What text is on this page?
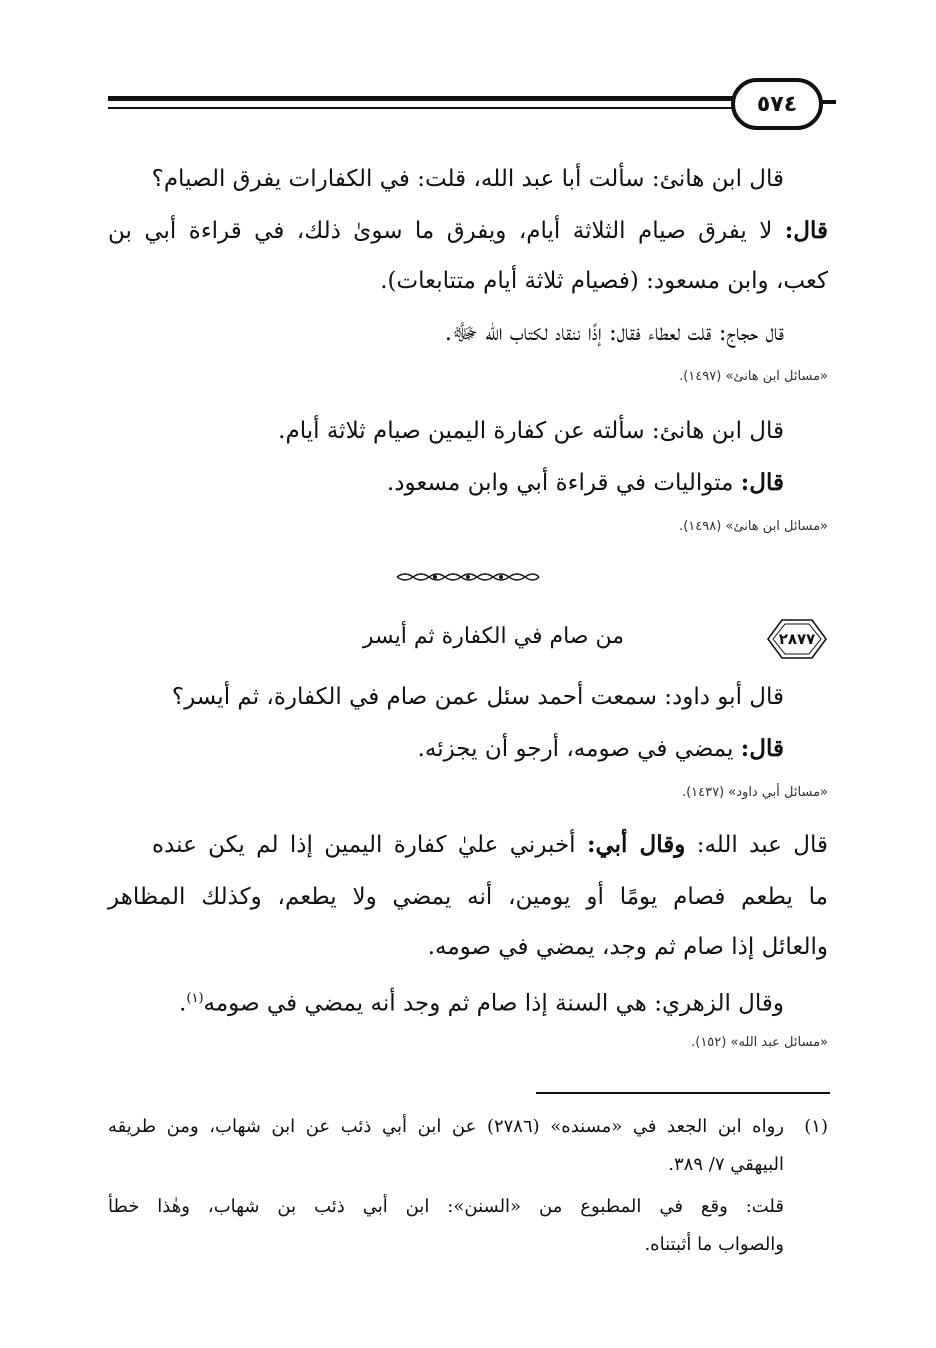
٥٧٤
قال ابن هانئ: سألت أبا عبد الله، قلت: في الكفارات يفرق الصيام؟
قال: لا يفرق صيام الثلاثة أيام، ويفرق ما سوىٰ ذلك، في قراءة أبي بن
كعب، وابن مسعود: (فصيام ثلاثة أيام متتابعات).
قال حجاج: قلت لعطاء فقال: إذًا ننقاد لكتاب الله ﷻ.
«مسائل ابن هانئ» (١٤٩٧).
قال ابن هانئ: سألته عن كفارة اليمين صيام ثلاثة أيام.
قال: متواليات في قراءة أبي وابن مسعود.
«مسائل ابن هانئ» (١٤٩٨).
٢٨٧٧
من صام في الكفارة ثم أيسر
قال أبو داود: سمعت أحمد سئل عمن صام في الكفارة، ثم أيسر؟
قال: يمضي في صومه، أرجو أن يجزئه.
«مسائل أبي داود» (١٤٣٧).
قال عبد الله: وقال أبي: أخبرني عليٰ كفارة اليمين إذا لم يكن عنده
ما يطعم فصام يومًا أو يومين، أنه يمضي ولا يطعم، وكذلك المظاهر
والعائل إذا صام ثم وجد، يمضي في صومه.
وقال الزهري: هي السنة إذا صام ثم وجد أنه يمضي في صومه$^{(١)}$.
«مسائل عبد الله» (١٥٢).
(١)
رواه ابن الجعد في «مسنده» (٢٧٨٦) عن ابن أبي ذئب عن ابن شهاب، ومن طريقه
البيهقي ٧/ ٣٨٩.
قلت: وقع في المطبوع من «السنن»: ابن أبي ذئب بن شهاب، وهٰذا خطأ
والصواب ما أثبتناه.
